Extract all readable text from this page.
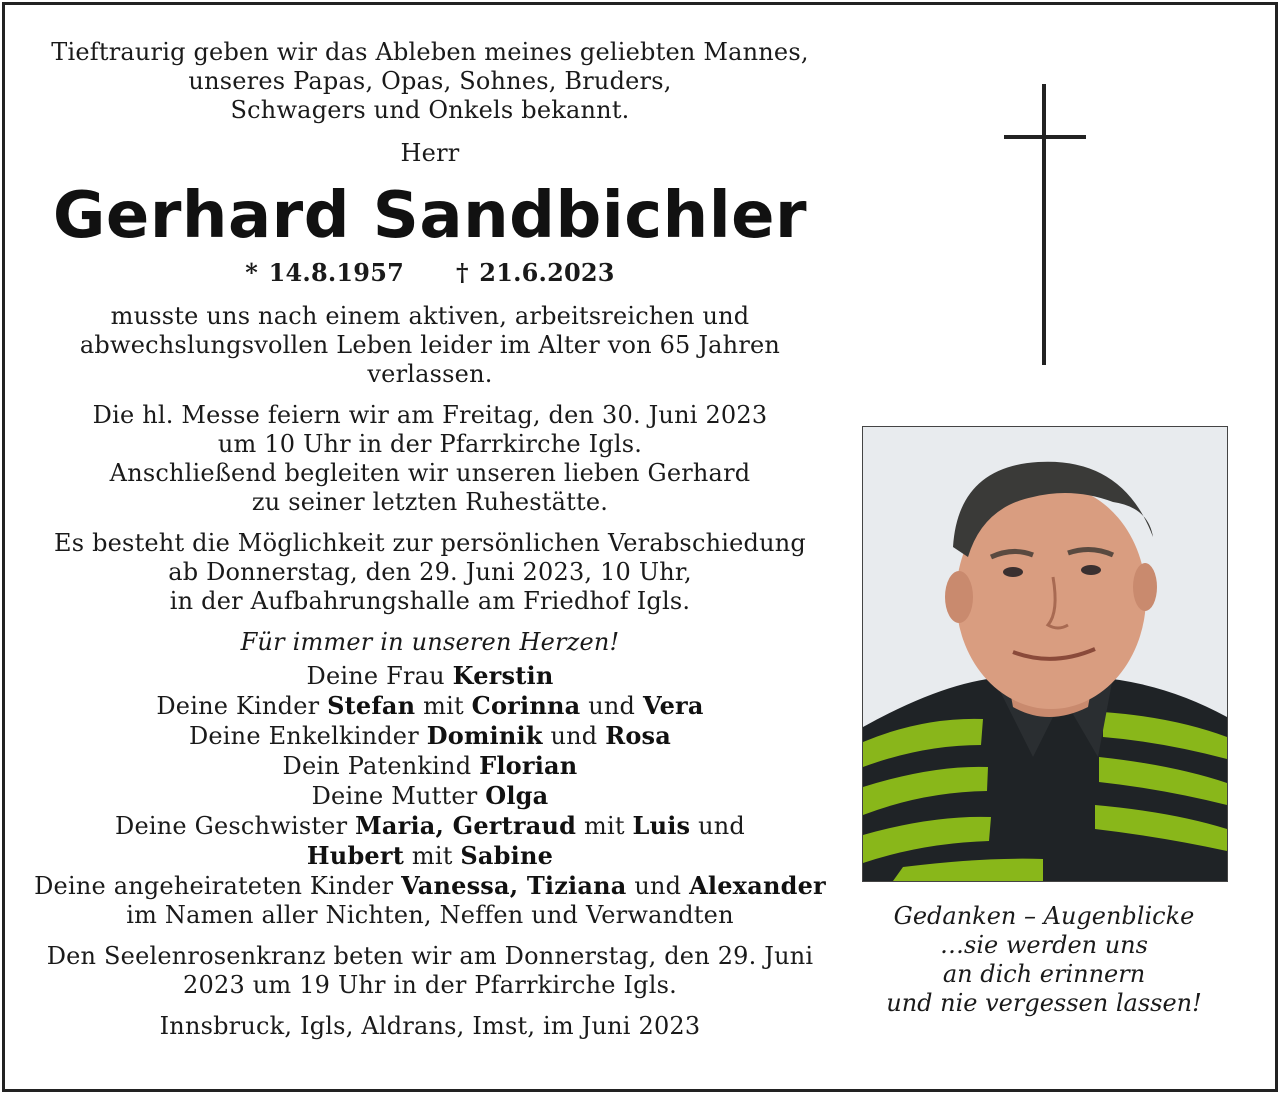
Tieftraurig geben wir das Ableben meines geliebten Mannes,

unseres Papas, Opas, Sohnes, Bruders,

Schwagers und Onkels bekannt.

Herr

Gerhard Sandbichler
* 14.8.1957 † 21.6.2023

musste uns nach einem aktiven, arbeitsreichen und

abwechslungsvollen Leben leider im Alter von 65 Jahren verlassen.

Die hl. Messe feiern wir am Freitag, den 30. Juni 2023

um 10 Uhr in der Pfarrkirche Igls.

Anschließend begleiten wir unseren lieben Gerhard

zu seiner letzten Ruhestätte.

Es besteht die Möglichkeit zur persönlichen Verabschiedung

ab Donnerstag, den 29. Juni 2023, 10 Uhr,

in der Aufbahrungshalle am Friedhof Igls.

Für immer in unseren Herzen!

Deine Frau Kerstin

Deine Kinder Stefan mit Corinna und Vera

Deine Enkelkinder Dominik und Rosa

Dein Patenkind Florian

Deine Mutter Olga

Deine Geschwister Maria, Gertraud mit Luis und

Hubert mit Sabine

Deine angeheirateten Kinder Vanessa, Tiziana und Alexander

im Namen aller Nichten, Neffen und Verwandten

Den Seelenrosenkranz beten wir am Donnerstag, den 29. Juni

2023 um 19 Uhr in der Pfarrkirche Igls.

Innsbruck, Igls, Aldrans, Imst, im Juni 2023

Gedanken – Augenblicke

…sie werden uns

an dich erinnern

und nie vergessen lassen!
